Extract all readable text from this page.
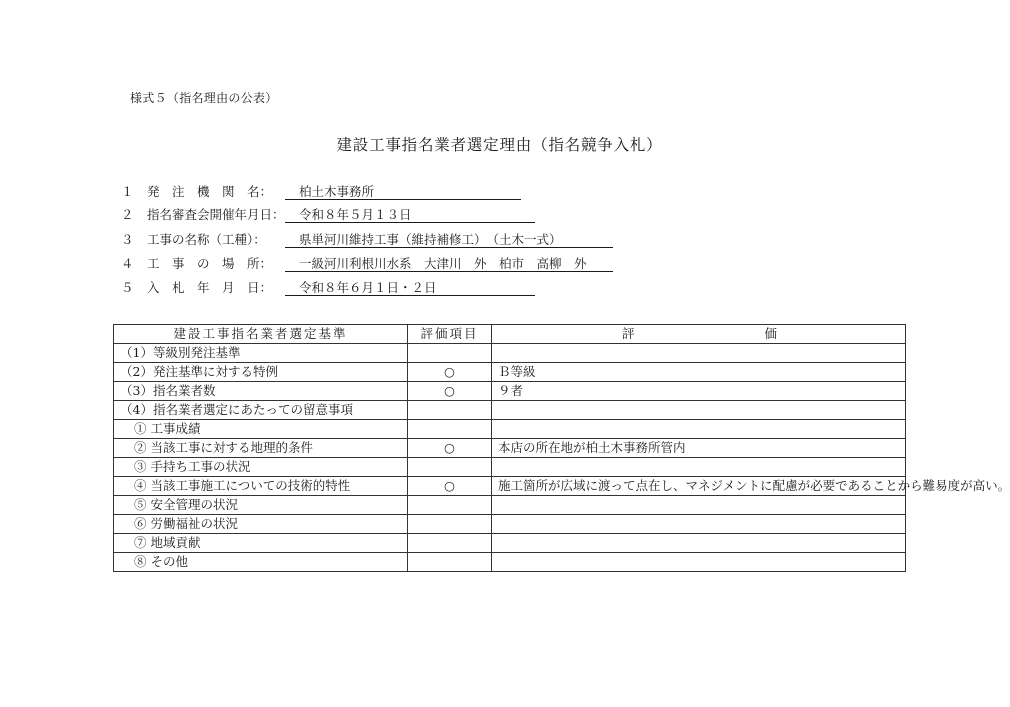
様式５（指名理由の公表）
建設工事指名業者選定理由（指名競争入札）
１ 発　注　機　関　名：	柏土木事務所
２ 指名審査会開催年月日：	令和８年５月１３日
３ 工事の名称（工種）：	県単河川維持工事（維持補修工）　（土木一式）
４ 工　事　の　場　所：	一級河川利根川水系　大津川　外　柏市　高柳　外
５ 入　札　年　月　日：	令和８年６月１日・２日
建設工事指名業者選定基準	評価項目	評 価

（1）等級別発注基準		
（2）発注基準に対する特例	○	Ｂ等級
（3）指名業者数	○	９者
（4）指名業者選定にあたっての留意事項		
① 工事成績		
② 当該工事に対する地理的条件	○	本店の所在地が柏土木事務所管内
③ 手持ち工事の状況		
④ 当該工事施工についての技術的特性	○	施工箇所が広域に渡って点在し、マネジメントに配慮が必要であることから難易度が高い。
⑤ 安全管理の状況		
⑥ 労働福祉の状況		
⑦ 地域貢献		
⑧ その他		
